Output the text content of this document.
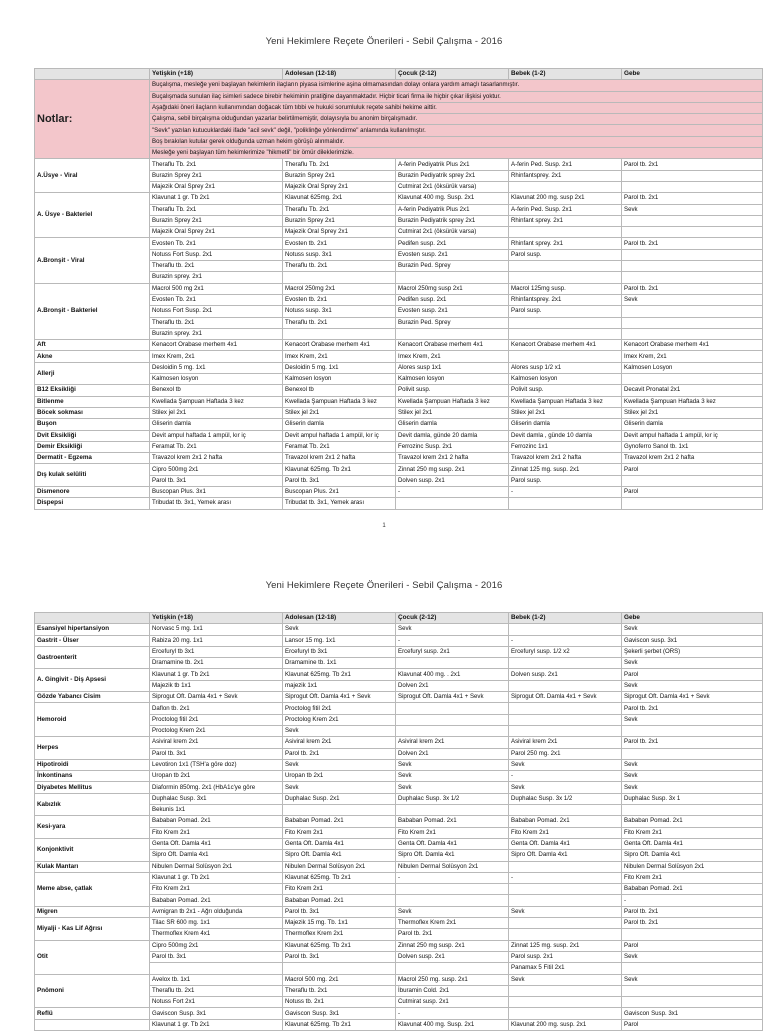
Yeni Hekimlere Reçete Önerileri - Sebil Çalışma - 2016
	Yetişkin (+18)	Adolesan (12-18)	Çocuk (2-12)	Bebek (1-2)	Gebe
Notlar:	Buçalışma, mesleğe yeni başlayan hekimlerin ilaçların piyasa isimlerine aşina olmamasından dolayı onlara yardım amaçlı tasarlanmıştır.				
	Buçalışmada sunulan ilaç isimleri sadece birebir hekiminin pratiğine dayanmaktadır. Hiçbir ticari firma ile hiçbir çıkar ilişkisi yoktur.				
	Aşağıdaki öneri ilaçların kullanımından doğacak tüm tıbbi ve hukuki sorumluluk reçete sahibi hekime aittir.				
	Çalışma, sebil birçalışma olduğundan yazarlar belirtilmemiştir, dolayısıyla bu anonim birçalışmadır.				
	"Sevk" yazılan kutucuklardaki ifade "acil sevk" değil, "poliklinğe yönlendirme" anlamında kullanılmıştır.				
	Boş bırakılan kutular gerek olduğunda uzman hekim görüşü alınmalıdır.				
	Mesleğe yeni başlayan tüm hekimlerimize "hikmetli" bir ömür dileklerimizle.				
A.Üsye - Viral	Theraflu Tb. 2x1	Theraflu Tb. 2x1	A-ferin Pediyatrik Plus 2x1	A-ferin Ped. Susp. 2x1	Parol tb. 2x1
	Burazin Sprey 2x1	Burazin Sprey 2x1	Burazin Pediyatrik sprey 2x1	Rhinfantsprey. 2x1	
	Majezik Oral Sprey 2x1	Majezik Oral Sprey 2x1	Cutmirat 2x1 (öksürük varsa)		
A. Üsye - Bakteriel	Klavunat 1 gr. Tb 2x1	Klavunat 625mg. 2x1	Klavunat 400 mg. Susp. 2x1	Klavunat 200 mg. susp 2x1	Parol tb. 2x1
	Theraflu Tb. 2x1	Theraflu Tb. 2x1	A-ferin Pediyatrik Plus 2x1	A-ferin Ped. Susp. 2x1	Sevk
	Burazin Sprey 2x1	Burazin Sprey 2x1	Burazin Pediyatrik sprey 2x1	Rhinfant sprey. 2x1	
	Majezik Oral Sprey 2x1	Majezik Oral Sprey 2x1	Cutmirat 2x1 (öksürük varsa)		
A.Bronşit - Viral	Evosten Tb. 2x1	Evosten tb. 2x1	Pedifen susp. 2x1	Rhinfant sprey. 2x1	Parol tb. 2x1
	Notuss Fort Susp. 2x1	Notuss susp. 3x1	Evosten susp. 2x1	Parol susp.	
	Theraflu tb. 2x1	Theraflu tb. 2x1	Burazin Ped. Sprey		
	Burazin sprey. 2x1				
A.Bronşit - Bakteriel	Macrol 500 mg 2x1	Macrol 250mg 2x1	Macrol 250mg susp 2x1	Macrol 125mg susp.	Parol tb. 2x1
	Evosten Tb. 2x1	Evosten tb. 2x1	Pedifen susp. 2x1	Rhinfantsprey. 2x1	Sevk
	Notuss Fort Susp. 2x1	Notuss susp. 3x1	Evosten susp. 2x1	Parol susp.	
	Theraflu tb. 2x1	Theraflu tb. 2x1	Burazin Ped. Sprey		
	Burazin sprey. 2x1				
Aft	Kenacort Orabase merhem 4x1	Kenacort Orabase merhem 4x1	Kenacort Orabase merhem 4x1	Kenacort Orabase merhem 4x1	Kenacort Orabase merhem 4x1
Akne	Imex Krem, 2x1	Imex Krem, 2x1	Imex Krem, 2x1		Imex Krem, 2x1
Allerji	Desloidin 5 mg. 1x1	Desloidin 5 mg. 1x1	Alores susp 1x1	Alores susp 1/2 x1	Kalmosen Losyon
	Kalmosen losyon	Kalmosen losyon	Kalmosen losyon	Kalmosen losyon	
B12 Eksikliği	Benexol tb	Benexol tb	Polivit susp.	Polivit susp.	Decavit Pronatal 2x1
Bitlenme	Kwellada Şampuan Haftada 3 kez	Kwellada Şampuan Haftada 3 kez	Kwellada Şampuan Haftada 3 kez	Kwellada Şampuan Haftada 3 kez	Kwellada Şampuan Haftada 3 kez
Böcek sokması	Stilex jel 2x1	Stilex jel 2x1	Stilex jel 2x1	Stilex jel 2x1	Stilex jel 2x1
Buşon	Gliserin damla	Gliserin damla	Gliserin damla	Gliserin damla	Gliserin damla
Dvit Eksikliği	Devit ampul haftada 1 ampül, kır iç	Devit ampul haftada 1 ampül, kır iç	Devit damla, günde 20 damla	Devit damla , günde 10 damla	Devit ampul haftada 1 ampül, kır iç
Demir Eksikliği	Feramat Tb. 2x1	Feramat Tb. 2x1	Ferrozinc Susp. 2x1	Ferrozinc 1x1	Gynoferro Sanol tb. 1x1
Dermatit - Egzema	Travazol krem 2x1 2 hafta	Travazol krem 2x1 2 hafta	Travazol krem 2x1 2 hafta	Travazol krem 2x1 2 hafta	Travazol krem 2x1 2 hafta
Dış kulak selüliti	Cipro 500mg 2x1	Klavunat 625mg. Tb 2x1	Zinnat 250 mg susp. 2x1	Zinnat 125 mg. susp. 2x1	Parol
	Parol tb. 3x1	Parol tb. 3x1	Dolven susp. 2x1	Parol susp.	
Dismenore	Buscopan Plus. 3x1	Buscopan Plus. 2x1	-	-	Parol
Dispepsi	Tribudat tb. 3x1, Yemek arası	Tribudat tb. 3x1, Yemek arası			
1
Yeni Hekimlere Reçete Önerileri - Sebil Çalışma - 2016
	Yetişkin (+18)	Adolesan (12-18)	Çocuk (2-12)	Bebek (1-2)	Gebe
Esansiyel hipertansiyon	Norvasc 5 mg. 1x1	Sevk	Sevk		Sevk
Gastrit - Ülser	Rabiza 20 mg. 1x1	Lansor 15 mg. 1x1	-	-	Gaviscon susp. 3x1
Gastroenterit	Ercefuryl tb 3x1	Ercefuryl tb 3x1	Ercefuryl susp. 2x1	Ercefuryl susp. 1/2 x2	Şekerli şerbet (ORS)
	Dramamine tb. 2x1	Dramamine tb. 1x1			Sevk
A. Gingivit - Diş Apsesi	Klavunat 1 gr. Tb 2x1	Klavunat 625mg. Tb 2x1	Klavunat 400 mg. . 2x1	Dolven susp. 2x1	Parol
	Majezik tb 1x1	majezik 1x1	Dolven 2x1		Sevk
Gözde Yabancı Cisim	Siprogut Oft. Damla 4x1 + Sevk	Siprogut Oft. Damla 4x1 + Sevk	Siprogut Oft. Damla 4x1 + Sevk	Siprogut Oft. Damla 4x1 + Sevk	Siprogut Oft. Damla 4x1 + Sevk
Hemoroid	Daflon tb. 2x1	Proctolog fitil 2x1			Parol tb. 2x1
	Proctolog fitil 2x1	Proctolog Krem 2x1			Sevk
	Proctolog Krem 2x1	Sevk			
Herpes	Asiviral krem 2x1	Asiviral krem 2x1	Asiviral krem 2x1	Asiviral krem 2x1	Parol tb. 2x1
	Parol tb. 3x1	Parol tb. 2x1	Dolven 2x1	Parol 250 mg. 2x1	
Hipotiroidi	Levotiron 1x1 (TSH'a göre doz)	Sevk	Sevk	Sevk	Sevk
İnkontinans	Uropan tb 2x1	Uropan tb 2x1	Sevk	-	Sevk
Diyabetes Mellitus	Diaformin 850mg. 2x1 (HbA1c'ye göre	Sevk	Sevk	Sevk	Sevk
Kabızlık	Duphalac Susp. 3x1	Duphalac Susp. 2x1	Duphalac Susp. 3x 1/2	Duphalac Susp. 3x 1/2	Duphalac Susp. 3x 1
	Bekunis 1x1				
Kesi-yara	Bababan Pomad. 2x1	Bababan Pomad. 2x1	Bababan Pomad. 2x1	Bababan Pomad. 2x1	Bababan Pomad. 2x1
	Fito Krem 2x1	Fito Krem 2x1	Fito Krem 2x1	Fito Krem 2x1	Fito Krem 2x1
Konjonktivit	Genta Oft. Damla 4x1	Genta Oft. Damla 4x1	Genta Oft. Damla 4x1	Genta Oft. Damla 4x1	Genta Oft. Damla 4x1
	Sipro Oft. Damla 4x1	Sipro Oft. Damla 4x1	Sipro Oft. Damla 4x1	Sipro Oft. Damla 4x1	Sipro Oft. Damla 4x1
Kulak Mantarı	Nibulen Dermal Solüsyon 2x1	Nibulen Dermal Solüsyon 2x1	Nibulen Dermal Solüsyon 2x1		Nibulen Dermal Solüsyon 2x1
Meme abse, çatlak	Klavunat 1 gr. Tb 2x1	Klavunat 625mg. Tb 2x1	-	-	Fito Krem 2x1
	Fito Krem 2x1	Fito Krem 2x1			Bababan Pomad. 2x1
	Bababan Pomad. 2x1	Bababan Pomad. 2x1			-
Migren	Avmigran tb 2x1 - Ağrı olduğunda	Parol tb. 3x1	Sevk	Sevk	Parol tb. 2x1
Miyalji - Kas Lif Ağrısı	Tilac SR 600 mg. 1x1	Majezik 15 mg. Tb. 1x1	Thermoflex Krem 2x1		Parol tb. 2x1
	Thermoflex Krem 4x1	Thermoflex Krem 2x1	Parol tb. 2x1		
Otit	Cipro 500mg 2x1	Klavunat 625mg. Tb 2x1	Zinnat 250 mg susp. 2x1	Zinnat 125 mg. susp. 2x1	Parol
	Parol tb. 3x1	Parol tb. 3x1	Dolven susp. 2x1	Parol susp. 2x1	Sevk
				Panamax 5 Fitil 2x1	
Pnömoni	Avelox tb. 1x1	Macrol 500 mg. 2x1	Macrol 250 mg. susp. 2x1	Sevk	Sevk
	Theraflu tb. 2x1	Theraflu tb. 2x1	İburamin Cold. 2x1		
	Notuss Fort 2x1	Notuss tb. 2x1	Cutmirat susp. 2x1		
Reflü	Gaviscon Susp. 3x1	Gaviscon Susp. 3x1	-		Gaviscon Susp. 3x1
	Klavunat 1 gr. Tb 2x1	Klavunat 625mg. Tb 2x1	Klavunat 400 mg. Susp. 2x1	Klavunat 200 mg. susp. 2x1	Parol
